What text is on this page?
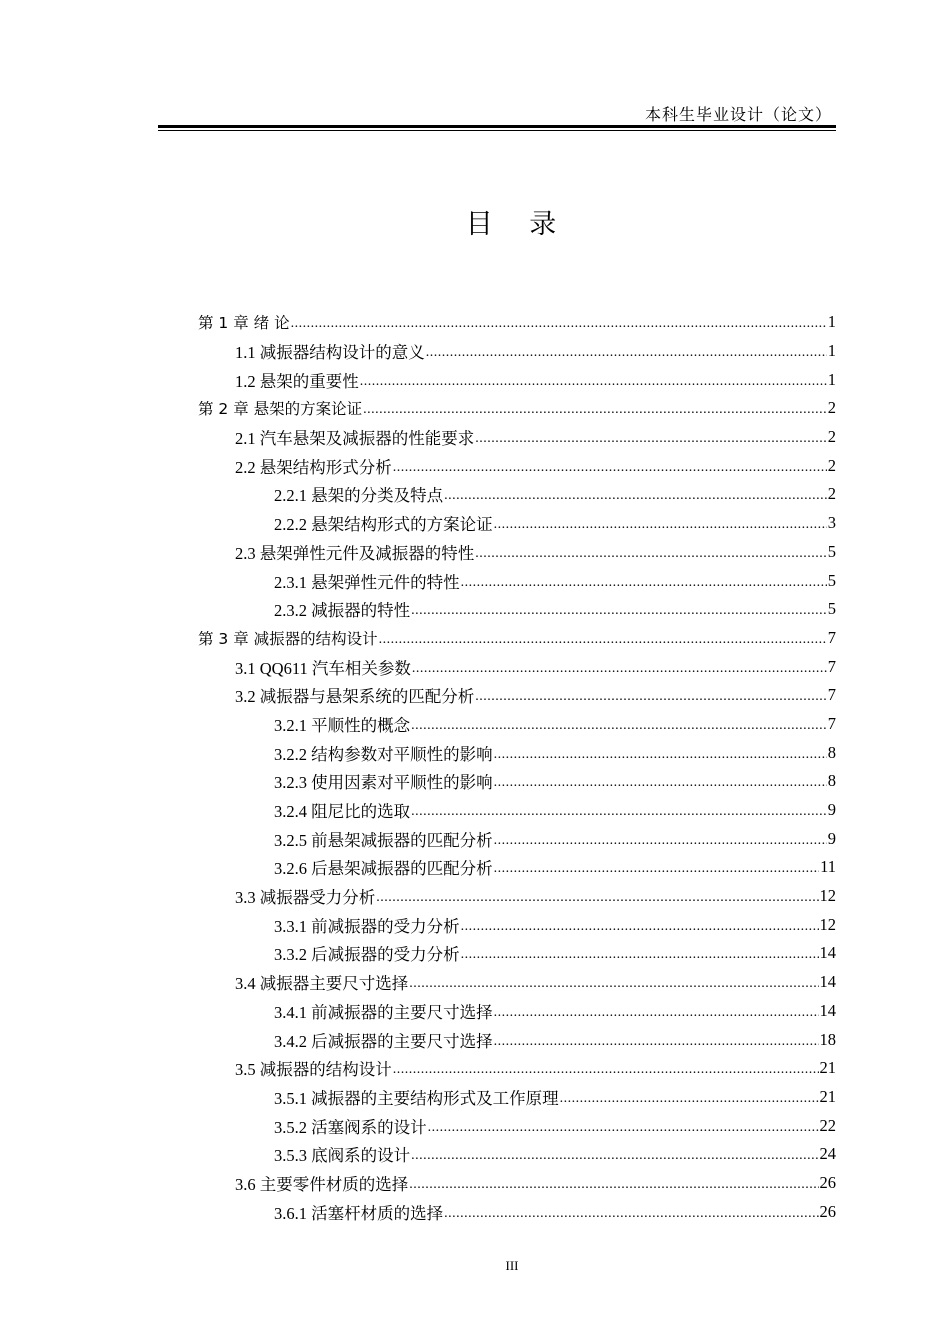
本科生毕业设计（论文）
目 录
第 1 章 绪 论 .....	1
1.1 减振器结构设计的意义 .....	1
1.2 悬架的重要性 .....	1
第 2 章 悬架的方案论证 .....	2
2.1 汽车悬架及减振器的性能要求 .....	2
2.2 悬架结构形式分析 .....	2
2.2.1 悬架的分类及特点 .....	2
2.2.2 悬架结构形式的方案论证 .....	3
2.3 悬架弹性元件及减振器的特性 .....	5
2.3.1 悬架弹性元件的特性 .....	5
2.3.2 减振器的特性 .....	5
第 3 章 减振器的结构设计 .....	7
3.1 QQ611 汽车相关参数 .....	7
3.2 减振器与悬架系统的匹配分析 .....	7
3.2.1 平顺性的概念 .....	7
3.2.2 结构参数对平顺性的影响 .....	8
3.2.3 使用因素对平顺性的影响 .....	8
3.2.4 阻尼比的选取 .....	9
3.2.5 前悬架减振器的匹配分析 .....	9
3.2.6 后悬架减振器的匹配分析 .....	11
3.3 减振器受力分析 .....	12
3.3.1 前减振器的受力分析 .....	12
3.3.2 后减振器的受力分析 .....	14
3.4 减振器主要尺寸选择 .....	14
3.4.1 前减振器的主要尺寸选择 .....	14
3.4.2 后减振器的主要尺寸选择 .....	18
3.5 减振器的结构设计 .....	21
3.5.1 减振器的主要结构形式及工作原理 .....	21
3.5.2 活塞阀系的设计 .....	22
3.5.3 底阀系的设计 .....	24
3.6 主要零件材质的选择 .....	26
3.6.1 活塞杆材质的选择 .....	26
III
